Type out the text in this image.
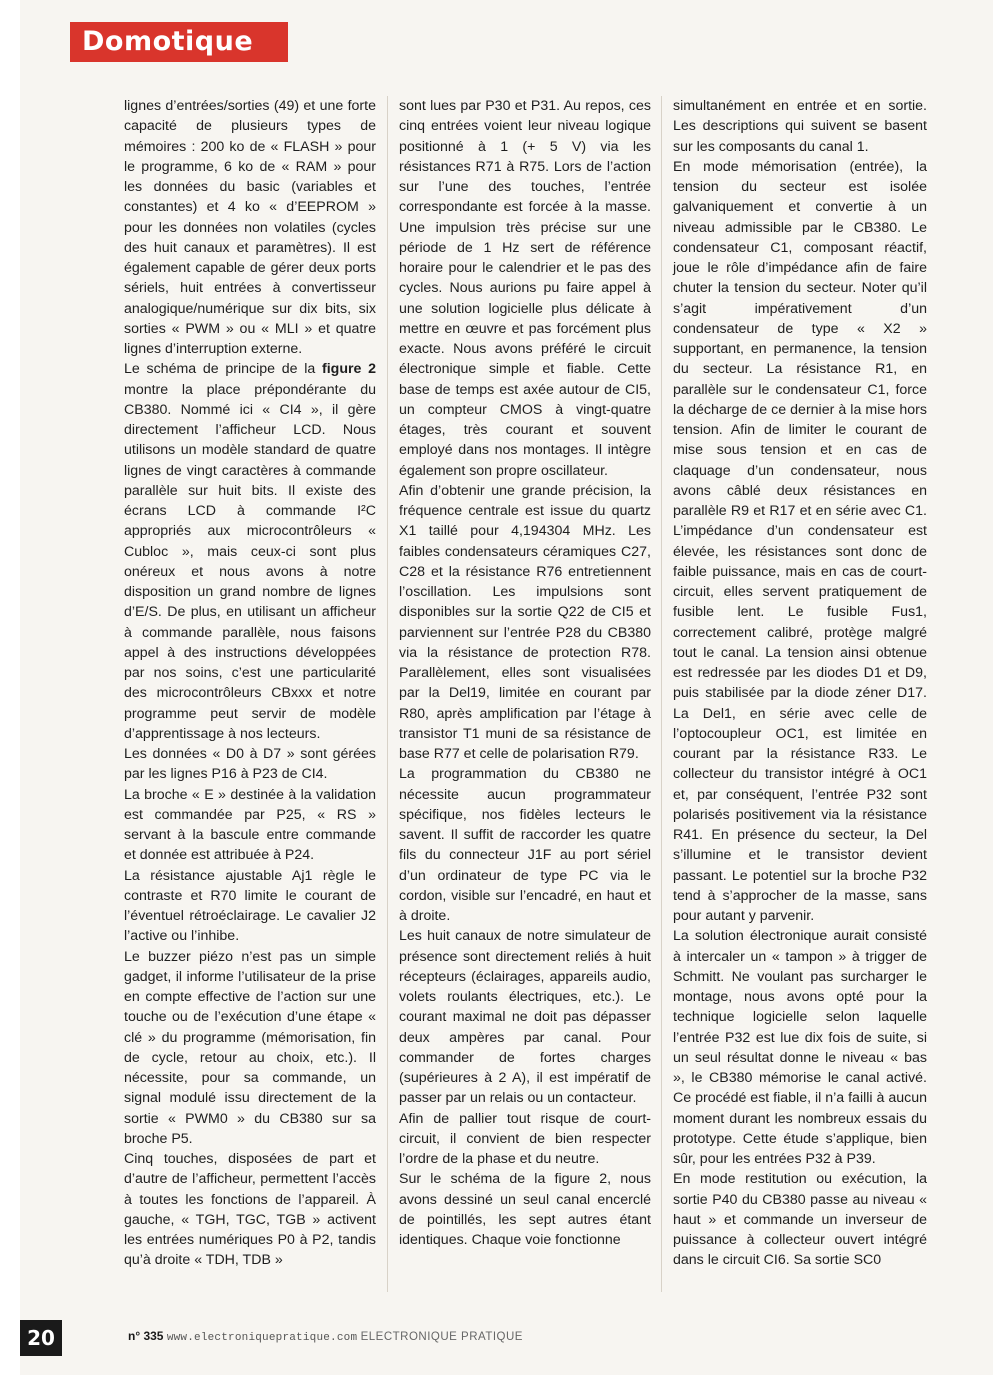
Domotique

lignes d’entrées/sorties (49) et une forte capacité de plusieurs types de mémoires : 200 ko de « FLASH » pour le programme, 6 ko de « RAM » pour les données du basic (variables et constantes) et 4 ko « d’EEPROM » pour les données non volatiles (cycles des huit canaux et paramètres). Il est également capable de gérer deux ports sériels, huit entrées à convertisseur analogique/numérique sur dix bits, six sorties « PWM » ou « MLI » et quatre lignes d’interruption externe.

Le schéma de principe de la figure 2 montre la place prépondérante du CB380. Nommé ici « CI4 », il gère directement l’afficheur LCD. Nous utilisons un modèle standard de quatre lignes de vingt caractères à commande parallèle sur huit bits. Il existe des écrans LCD à commande I²C appropriés aux microcontrôleurs « Cubloc », mais ceux-ci sont plus onéreux et nous avons à notre disposition un grand nombre de lignes d’E/S. De plus, en utilisant un afficheur à commande parallèle, nous faisons appel à des instructions développées par nos soins, c’est une particularité des microcontrôleurs CBxxx et notre programme peut servir de modèle d’apprentissage à nos lecteurs.

Les données « D0 à D7 » sont gérées par les lignes P16 à P23 de CI4.

La broche « E » destinée à la validation est commandée par P25, « RS » servant à la bascule entre commande et donnée est attribuée à P24.

La résistance ajustable Aj1 règle le contraste et R70 limite le courant de l’éventuel rétroéclairage. Le cavalier J2 l’active ou l’inhibe.

Le buzzer piézo n’est pas un simple gadget, il informe l’utilisateur de la prise en compte effective de l’action sur une touche ou de l’exécution d’une étape « clé » du programme (mémorisation, fin de cycle, retour au choix, etc.). Il nécessite, pour sa commande, un signal modulé issu directement de la sortie « PWM0 » du CB380 sur sa broche P5.

Cinq touches, disposées de part et d’autre de l’afficheur, permettent l’accès à toutes les fonctions de l’appareil. À gauche, « TGH, TGC, TGB » activent les entrées numériques P0 à P2, tandis qu’à droite « TDH, TDB »

sont lues par P30 et P31. Au repos, ces cinq entrées voient leur niveau logique positionné à 1 (+ 5 V) via les résistances R71 à R75. Lors de l’action sur l’une des touches, l’entrée correspondante est forcée à la masse. Une impulsion très précise sur une période de 1 Hz sert de référence horaire pour le calendrier et le pas des cycles. Nous aurions pu faire appel à une solution logicielle plus délicate à mettre en œuvre et pas forcément plus exacte. Nous avons préféré le circuit électronique simple et fiable. Cette base de temps est axée autour de CI5, un compteur CMOS à vingt-quatre étages, très courant et souvent employé dans nos montages. Il intègre également son propre oscillateur.

Afin d’obtenir une grande précision, la fréquence centrale est issue du quartz X1 taillé pour 4,194304 MHz. Les faibles condensateurs céramiques C27, C28 et la résistance R76 entretiennent l’oscillation. Les impulsions sont disponibles sur la sortie Q22 de CI5 et parviennent sur l’entrée P28 du CB380 via la résistance de protection R78. Parallèlement, elles sont visualisées par la Del19, limitée en courant par R80, après amplification par l’étage à transistor T1 muni de sa résistance de base R77 et celle de polarisation R79.

La programmation du CB380 ne nécessite aucun programmateur spécifique, nos fidèles lecteurs le savent. Il suffit de raccorder les quatre fils du connecteur J1F au port sériel d’un ordinateur de type PC via le cordon, visible sur l’encadré, en haut et à droite.

Les huit canaux de notre simulateur de présence sont directement reliés à huit récepteurs (éclairages, appareils audio, volets roulants électriques, etc.). Le courant maximal ne doit pas dépasser deux ampères par canal. Pour commander de fortes charges (supérieures à 2 A), il est impératif de passer par un relais ou un contacteur.

Afin de pallier tout risque de court-circuit, il convient de bien respecter l’ordre de la phase et du neutre.

Sur le schéma de la figure 2, nous avons dessiné un seul canal encerclé de pointillés, les sept autres étant identiques. Chaque voie fonctionne

simultanément en entrée et en sortie. Les descriptions qui suivent se basent sur les composants du canal 1.

En mode mémorisation (entrée), la tension du secteur est isolée galvaniquement et convertie à un niveau admissible par le CB380. Le condensateur C1, composant réactif, joue le rôle d’impédance afin de faire chuter la tension du secteur. Noter qu’il s’agit impérativement d’un condensateur de type « X2 » supportant, en permanence, la tension du secteur. La résistance R1, en parallèle sur le condensateur C1, force la décharge de ce dernier à la mise hors tension. Afin de limiter le courant de mise sous tension et en cas de claquage d’un condensateur, nous avons câblé deux résistances en parallèle R9 et R17 et en série avec C1. L’impédance d’un condensateur est élevée, les résistances sont donc de faible puissance, mais en cas de court-circuit, elles servent pratiquement de fusible lent. Le fusible Fus1, correctement calibré, protège malgré tout le canal. La tension ainsi obtenue est redressée par les diodes D1 et D9, puis stabilisée par la diode zéner D17. La Del1, en série avec celle de l’optocoupleur OC1, est limitée en courant par la résistance R33. Le collecteur du transistor intégré à OC1 et, par conséquent, l’entrée P32 sont polarisés positivement via la résistance R41. En présence du secteur, la Del s’illumine et le transistor devient passant. Le potentiel sur la broche P32 tend à s’approcher de la masse, sans pour autant y parvenir.

La solution électronique aurait consisté à intercaler un « tampon » à trigger de Schmitt. Ne voulant pas surcharger le montage, nous avons opté pour la technique logicielle selon laquelle l’entrée P32 est lue dix fois de suite, si un seul résultat donne le niveau « bas », le CB380 mémorise le canal activé. Ce procédé est fiable, il n’a failli à aucun moment durant les nombreux essais du prototype. Cette étude s’applique, bien sûr, pour les entrées P32 à P39.

En mode restitution ou exécution, la sortie P40 du CB380 passe au niveau « haut » et commande un inverseur de puissance à collecteur ouvert intégré dans le circuit CI6. Sa sortie SC0

20	n° 335 www.electroniquepratique.com ELECTRONIQUE PRATIQUE
